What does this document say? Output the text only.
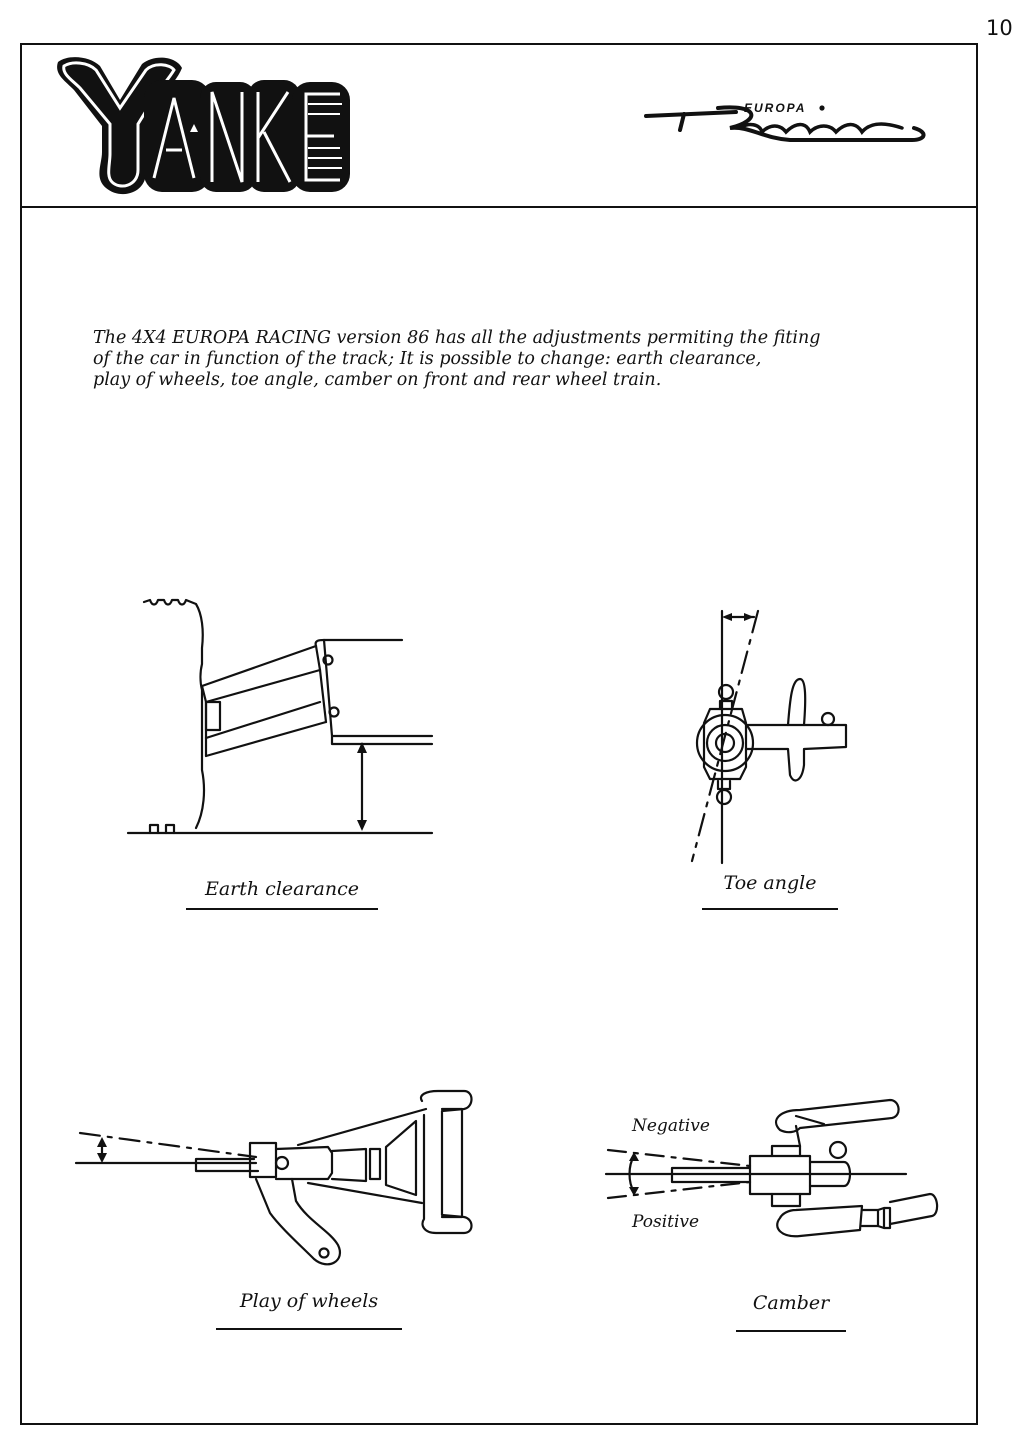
10
EUROPA

The 4X4 EUROPA RACING version 86 has all the adjustments permiting the fiting

of the car in function of the track; It is possible to change: earth clearance,

play of wheels, toe angle, camber on front and rear wheel train.

Earth clearance	Toe angle
Play of wheels
Negative
Positive
Camber
